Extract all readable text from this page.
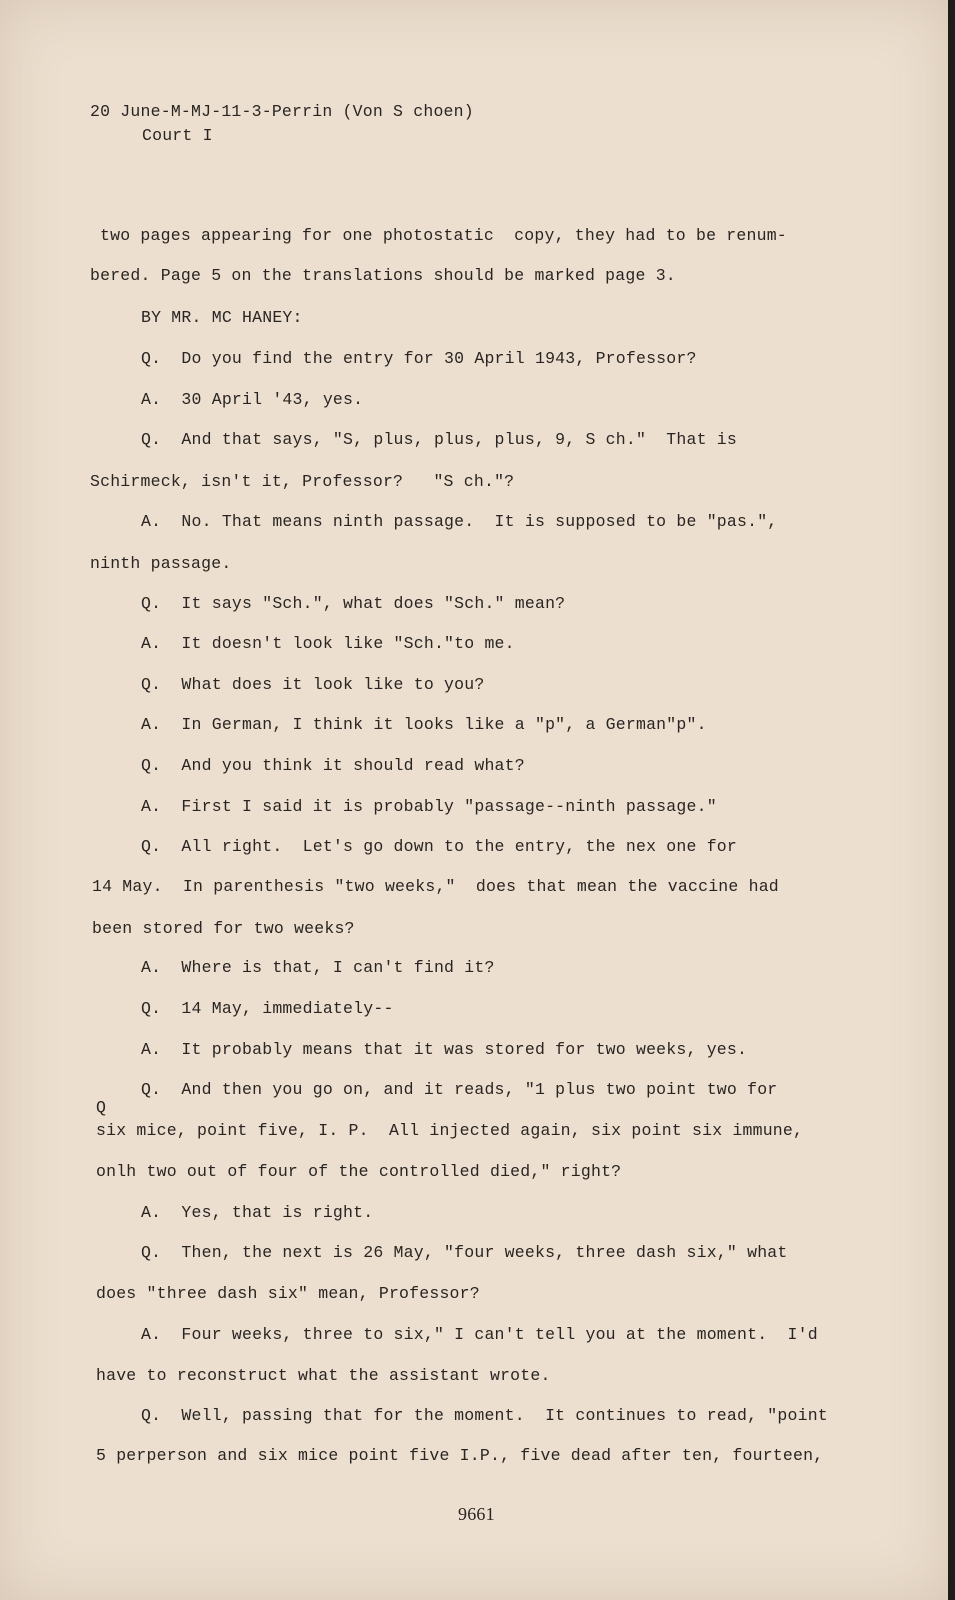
20 June-M-MJ-11-3-Perrin (Von S choen)
Court I
two pages appearing for one photostatic  copy, they had to be renum-
bered. Page 5 on the translations should be marked page 3.
BY MR. MC HANEY:
Q.  Do you find the entry for 30 April 1943, Professor?
A.  30 April '43, yes.
Q.  And that says, "S, plus, plus, plus, 9, S ch."  That is
Schirmeck, isn't it, Professor?   "S ch."?
A.  No. That means ninth passage.  It is supposed to be "pas.",
ninth passage.
Q.  It says "Sch.", what does "Sch." mean?
A.  It doesn't look like "Sch."to me.
Q.  What does it look like to you?
A.  In German, I think it looks like a "p", a German"p".
Q.  And you think it should read what?
A.  First I said it is probably "passage--ninth passage."
Q.  All right.  Let's go down to the entry, the nex one for
14 May.  In parenthesis "two weeks,"  does that mean the vaccine had
been stored for two weeks?
A.  Where is that, I can't find it?
Q.  14 May, immediately--
A.  It probably means that it was stored for two weeks, yes.
Q
Q.  And then you go on, and it reads, "1 plus two point two for
six mice, point five, I. P.  All injected again, six point six immune,
onlh two out of four of the controlled died," right?
A.  Yes, that is right.
Q.  Then, the next is 26 May, "four weeks, three dash six," what
does "three dash six" mean, Professor?
A.  Four weeks, three to six," I can't tell you at the moment.  I'd
have to reconstruct what the assistant wrote.
Q.  Well, passing that for the moment.  It continues to read, "point
5 perperson and six mice point five I.P., five dead after ten, fourteen,
9661
